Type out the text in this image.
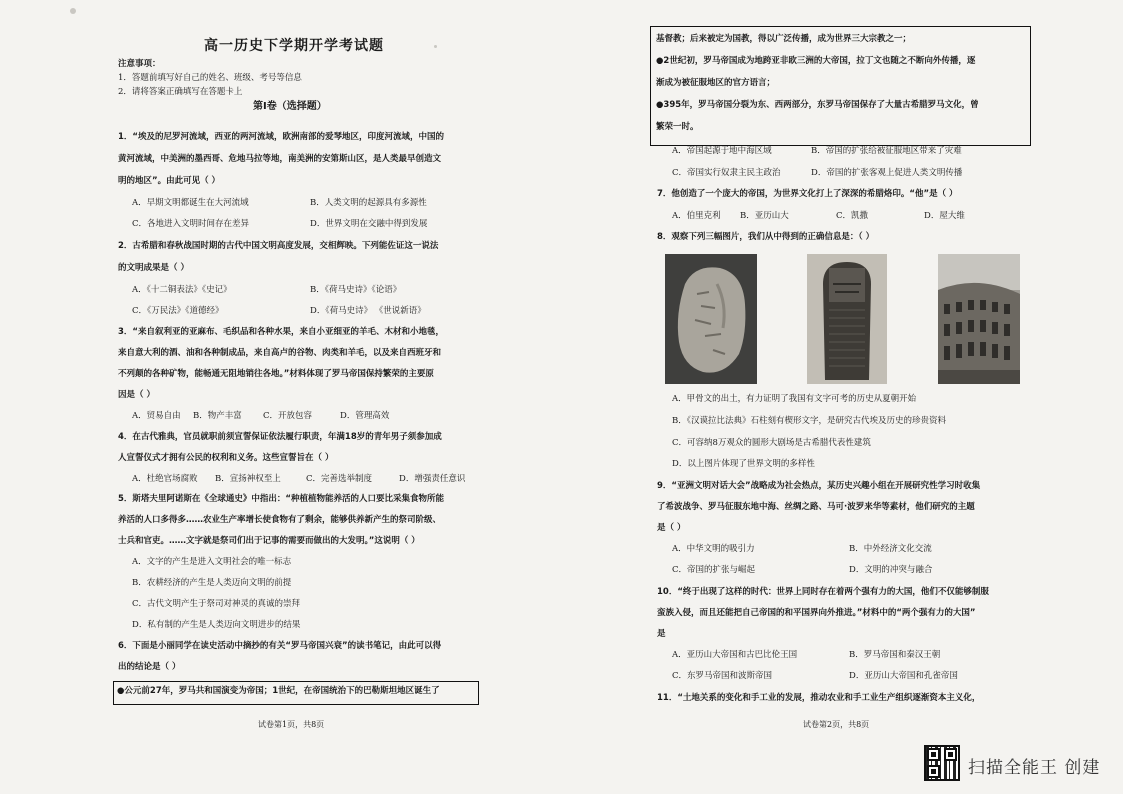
高一历史下学期开学考试题
注意事项：
1．答题前填写好自己的姓名、班级、考号等信息
2．请将答案正确填写在答题卡上
第Ⅰ卷（选择题）
1．“埃及的尼罗河流域，西亚的两河流域，欧洲南部的爱琴地区，印度河流域，中国的
黄河流域，中美洲的墨西哥、危地马拉等地，南美洲的安第斯山区，是人类最早创造文
明的地区”。由此可见（ ）
A．早期文明都诞生在大河流域	B．人类文明的起源具有多源性
C．各地进入文明时间存在差异	D．世界文明在交融中得到发展
2．古希腊和春秋战国时期的古代中国文明高度发展，交相辉映。下列能佐证这一说法
的文明成果是（ ）
A．《十二铜表法》《史记》	B．《荷马史诗》《论语》
C．《万民法》《道德经》	D．《荷马史诗》 《世说新语》
3．“来自叙利亚的亚麻布、毛织品和各种水果，来自小亚细亚的羊毛、木材和小地毯，
来自意大利的酒、油和各种制成品，来自高卢的谷物、肉类和羊毛，以及来自西班牙和
不列颠的各种矿物，能畅通无阻地销往各地。”材料体现了罗马帝国保持繁荣的主要原
因是（ ）
A．贸易自由 B．物产丰富	C．开放包容	D．管理高效
4．在古代雅典，官员就职前须宣誓保证依法履行职责，年满18岁的青年男子须参加成
人宣誓仪式才拥有公民的权利和义务。这些宣誓旨在（ ）
A．杜绝官场腐败 B．宣扬神权至上	C．完善选举制度	D．增强责任意识
5．斯塔夫里阿诺斯在《全球通史》中指出：“种植植物能养活的人口要比采集食物所能
养活的人口多得多……农业生产率增长使食物有了剩余，能够供养新产生的祭司阶级、
士兵和官吏。……文字就是祭司们出于记事的需要而做出的大发明。”这说明（ ）
A．文字的产生是进入文明社会的唯一标志
B．农耕经济的产生是人类迈向文明的前提
C．古代文明产生于祭司对神灵的真诚的崇拜
D．私有制的产生是人类迈向文明进步的结果
6．下面是小丽同学在读史活动中摘抄的有关“罗马帝国兴衰”的读书笔记，由此可以得
出的结论是（ ）
●公元前27年，罗马共和国演变为帝国；1世纪，在帝国统治下的巴勒斯坦地区诞生了
试卷第1页，共8页
基督教；后来被定为国教，得以广泛传播，成为世界三大宗教之一；
●2世纪初，罗马帝国成为地跨亚非欧三洲的大帝国，拉丁文也随之不断向外传播，逐
渐成为被征服地区的官方语言；
●395年，罗马帝国分裂为东、西两部分，东罗马帝国保存了大量古希腊罗马文化，曾
繁荣一时。
A．帝国起源于地中海区域	B．帝国的扩张给被征服地区带来了灾难
C．帝国实行奴隶主民主政治	D．帝国的扩张客观上促进人类文明传播
7．他创造了一个庞大的帝国，为世界文化打上了深深的希腊烙印。“他”是（ ）
A．伯里克利 B．亚历山大	C．凯撒	D．屋大维
8．观察下列三幅图片，我们从中得到的正确信息是：（ ）
A．甲骨文的出土，有力证明了我国有文字可考的历史从夏朝开始
B．《汉谟拉比法典》石柱刻有楔形文字，是研究古代埃及历史的珍贵资料
C．可容纳8万观众的圆形大剧场是古希腊代表性建筑
D．以上图片体现了世界文明的多样性
9．“亚洲文明对话大会”战略成为社会热点，某历史兴趣小组在开展研究性学习时收集
了希波战争、罗马征服东地中海、丝绸之路、马可·波罗来华等素材，他们研究的主题
是（ ）
A．中华文明的吸引力	B．中外经济文化交流
C．帝国的扩张与崛起	D．文明的冲突与融合
10．“终于出现了这样的时代：世界上同时存在着两个强有力的大国，他们不仅能够制服
蛮族入侵，而且还能把自己帝国的和平国界向外推进。”材料中的“两个强有力的大国”
是
A．亚历山大帝国和古巴比伦王国	B．罗马帝国和秦汉王朝
C．东罗马帝国和波斯帝国	D．亚历山大帝国和孔雀帝国
11．“土地关系的变化和手工业的发展，推动农业和手工业生产组织逐渐资本主义化，
试卷第2页，共8页
扫描全能王 创建
